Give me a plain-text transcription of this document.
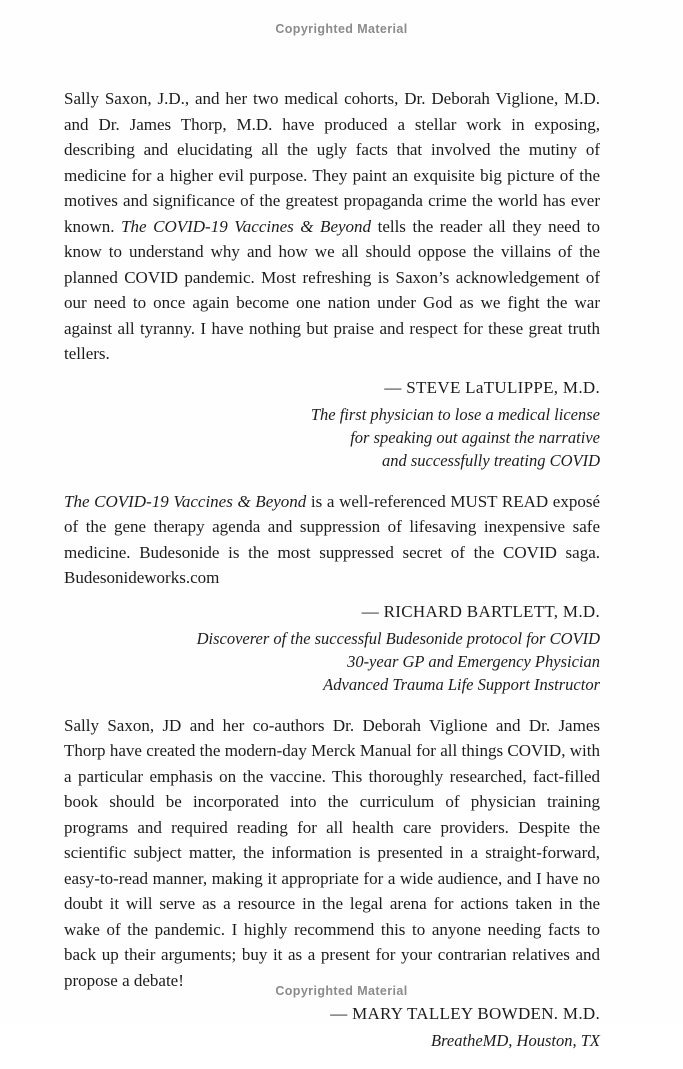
Copyrighted Material

Sally Saxon, J.D., and her two medical cohorts, Dr. Deborah Viglione, M.D. and Dr. James Thorp, M.D. have produced a stellar work in exposing, describing and elucidating all the ugly facts that involved the mutiny of medicine for a higher evil purpose. They paint an exquisite big picture of the motives and significance of the greatest propaganda crime the world has ever known. The COVID-19 Vaccines & Beyond tells the reader all they need to know to understand why and how we all should oppose the villains of the planned COVID pandemic. Most refreshing is Saxon’s acknowledgement of our need to once again become one nation under God as we fight the war against all tyranny. I have nothing but praise and respect for these great truth tellers.

— STEVE LaTULIPPE, M.D.
The first physician to lose a medical license
for speaking out against the narrative
and successfully treating COVID

The COVID-19 Vaccines & Beyond is a well-referenced MUST READ exposé of the gene therapy agenda and suppression of lifesaving inexpensive safe medicine. Budesonide is the most suppressed secret of the COVID saga. Budesonideworks.com

— RICHARD BARTLETT, M.D.
Discoverer of the successful Budesonide protocol for COVID
30-year GP and Emergency Physician
Advanced Trauma Life Support Instructor

Sally Saxon, JD and her co-authors Dr. Deborah Viglione and Dr. James Thorp have created the modern-day Merck Manual for all things COVID, with a particular emphasis on the vaccine. This thoroughly researched, fact-filled book should be incorporated into the curriculum of physician training programs and required reading for all health care providers. Despite the scientific subject matter, the information is presented in a straight-forward, easy-to-read manner, making it appropriate for a wide audience, and I have no doubt it will serve as a resource in the legal arena for actions taken in the wake of the pandemic. I highly recommend this to anyone needing facts to back up their arguments; buy it as a present for your contrarian relatives and propose a debate!

— MARY TALLEY BOWDEN. M.D.
BreatheMD, Houston, TX
Copyrighted Material
